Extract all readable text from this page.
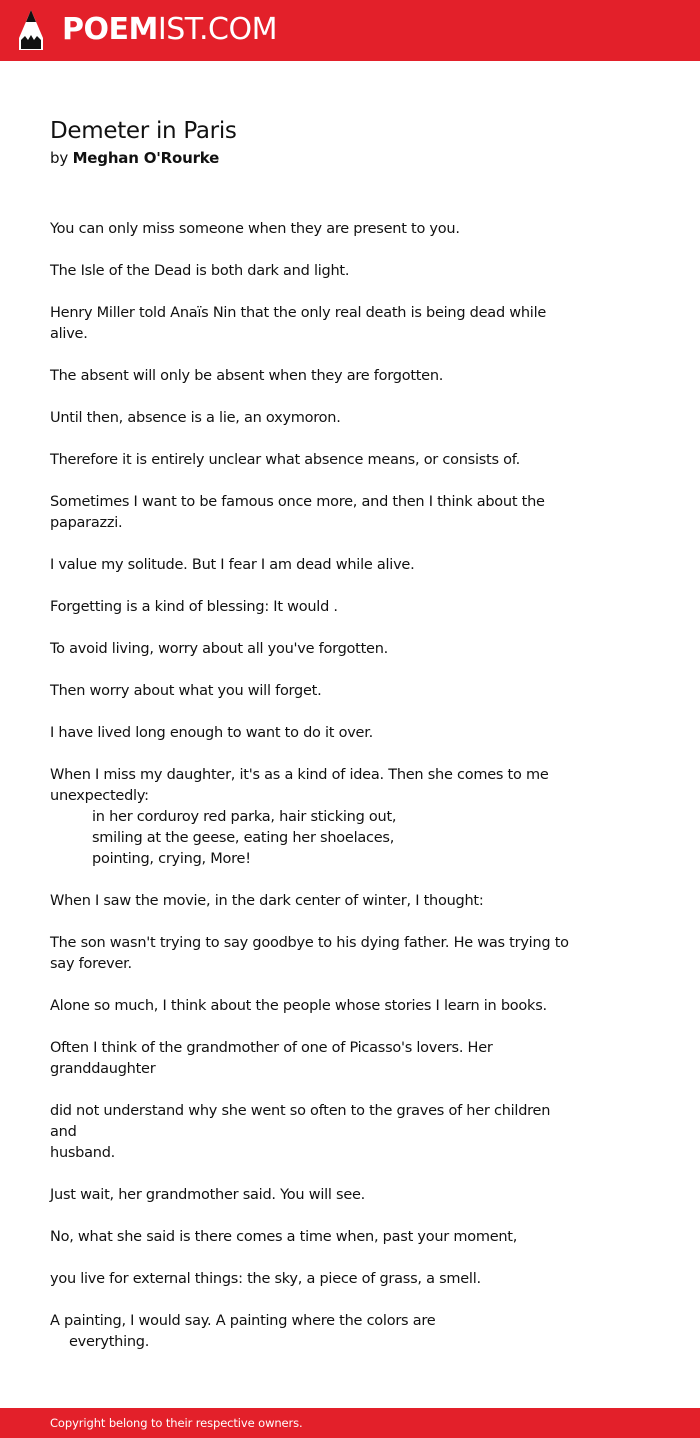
POEMIST.COM
Demeter in Paris

by Meghan O'Rourke

You can only miss someone when they are present to you.

The Isle of the Dead is both dark and light.

Henry Miller told Anaïs Nin that the only real death is being dead while
alive.

The absent will only be absent when they are forgotten.

Until then, absence is a lie, an oxymoron.

Therefore it is entirely unclear what absence means, or consists of.

Sometimes I want to be famous once more, and then I think about the
paparazzi.

I value my solitude. But I fear I am dead while alive.

Forgetting is a kind of blessing: It would .

To avoid living, worry about all you've forgotten.

Then worry about what you will forget.

I have lived long enough to want to do it over.

When I miss my daughter, it's as a kind of idea. Then she comes to me
unexpectedly:
in her corduroy red parka, hair sticking out,
smiling at the geese, eating her shoelaces,
pointing, crying, More!

When I saw the movie, in the dark center of winter, I thought:

The son wasn't trying to say goodbye to his dying father. He was trying to
say forever.

Alone so much, I think about the people whose stories I learn in books.

Often I think of the grandmother of one of Picasso's lovers. Her
granddaughter

did not understand why she went so often to the graves of her children and
husband.

Just wait, her grandmother said. You will see.

No, what she said is there comes a time when, past your moment,

you live for external things: the sky, a piece of grass, a smell.

A painting, I would say. A painting where the colors are
everything.

Copyright belong to their respective owners.
